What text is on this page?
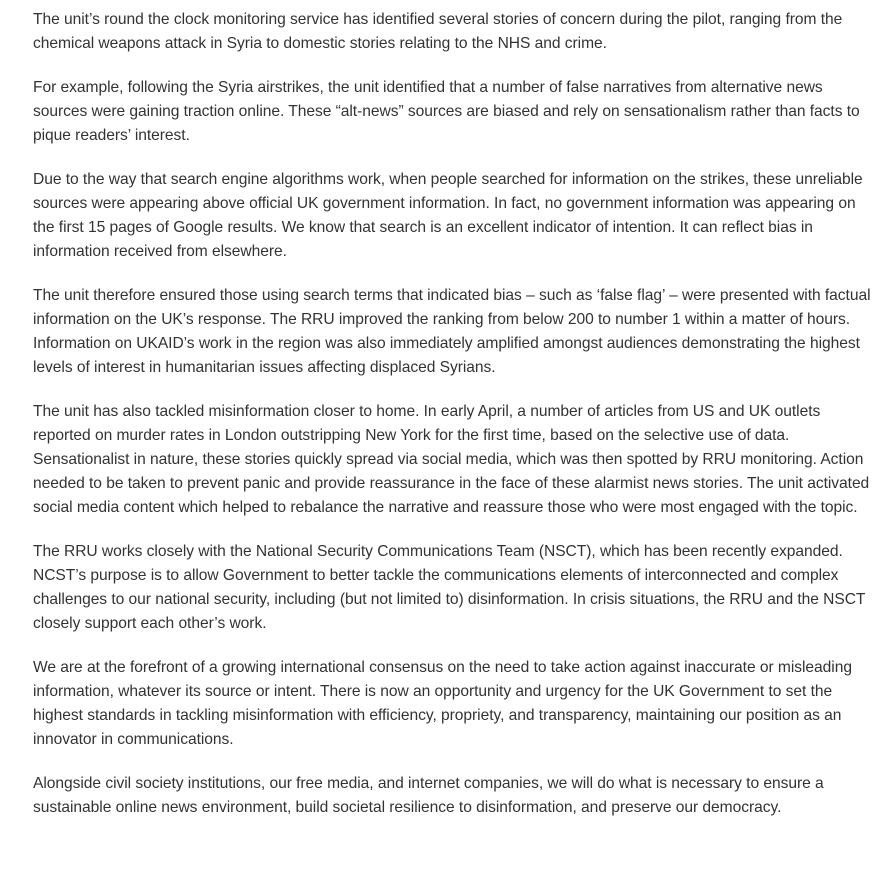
The unit’s round the clock monitoring service has identified several stories of concern during the pilot, ranging from the chemical weapons attack in Syria to domestic stories relating to the NHS and crime.

For example, following the Syria airstrikes, the unit identified that a number of false narratives from alternative news sources were gaining traction online. These “alt-news” sources are biased and rely on sensationalism rather than facts to pique readers’ interest.

Due to the way that search engine algorithms work, when people searched for information on the strikes, these unreliable sources were appearing above official UK government information. In fact, no government information was appearing on the first 15 pages of Google results. We know that search is an excellent indicator of intention. It can reflect bias in information received from elsewhere.

The unit therefore ensured those using search terms that indicated bias – such as ‘false flag’ – were presented with factual information on the UK’s response. The RRU improved the ranking from below 200 to number 1 within a matter of hours. Information on UKAID’s work in the region was also immediately amplified amongst audiences demonstrating the highest levels of interest in humanitarian issues affecting displaced Syrians.

The unit has also tackled misinformation closer to home. In early April, a number of articles from US and UK outlets reported on murder rates in London outstripping New York for the first time, based on the selective use of data. Sensationalist in nature, these stories quickly spread via social media, which was then spotted by RRU monitoring. Action needed to be taken to prevent panic and provide reassurance in the face of these alarmist news stories. The unit activated social media content which helped to rebalance the narrative and reassure those who were most engaged with the topic.

The RRU works closely with the National Security Communications Team (NSCT), which has been recently expanded. NCST’s purpose is to allow Government to better tackle the communications elements of interconnected and complex challenges to our national security, including (but not limited to) disinformation. In crisis situations, the RRU and the NSCT closely support each other’s work.

We are at the forefront of a growing international consensus on the need to take action against inaccurate or misleading information, whatever its source or intent. There is now an opportunity and urgency for the UK Government to set the highest standards in tackling misinformation with efficiency, propriety, and transparency, maintaining our position as an innovator in communications.

Alongside civil society institutions, our free media, and internet companies, we will do what is necessary to ensure a sustainable online news environment, build societal resilience to disinformation, and preserve our democracy.
